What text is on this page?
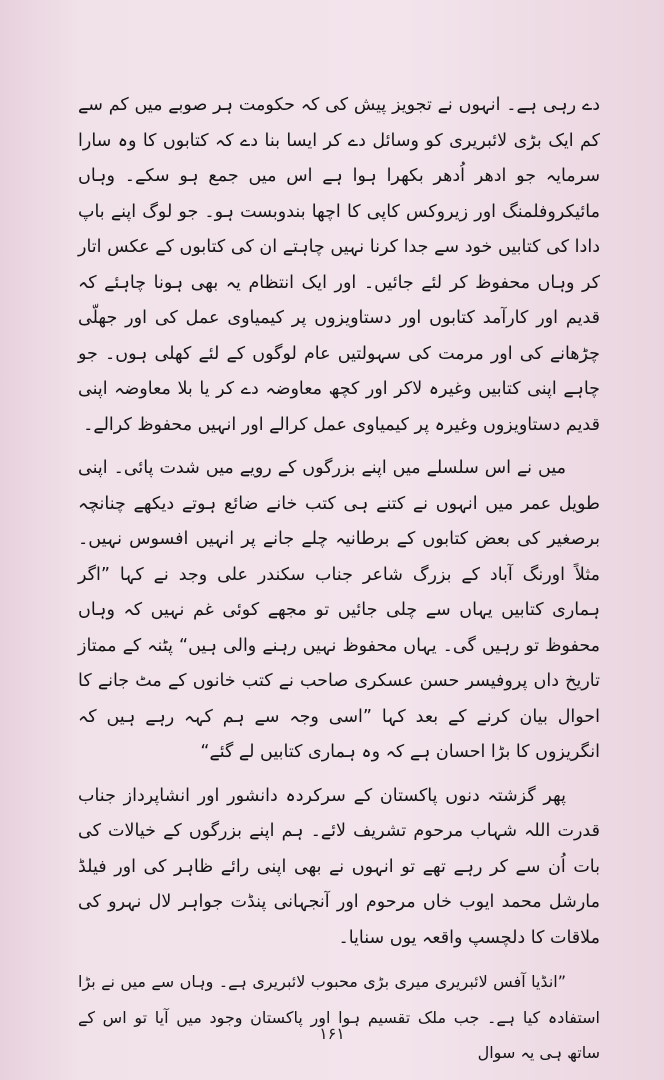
دے رہی ہے۔ انہوں نے تجویز پیش کی کہ حکومت ہر صوبے میں کم سے کم ایک بڑی لائبریری کو وسائل دے کر ایسا بنا دے کہ کتابوں کا وہ سارا سرمایہ جو ادھر اُدھر بکھرا ہوا ہے اس میں جمع ہو سکے۔ وہاں مائیکروفلمنگ اور زیروکس کاپی کا اچھا بندوبست ہو۔ جو لوگ اپنے باپ دادا کی کتابیں خود سے جدا کرنا نہیں چاہتے ان کی کتابوں کے عکس اتار کر وہاں محفوظ کر لئے جائیں۔ اور ایک انتظام یہ بھی ہونا چاہئے کہ قدیم اور کارآمد کتابوں اور دستاویزوں پر کیمیاوی عمل کی اور جھلّی چڑھانے کی اور مرمت کی سہولتیں عام لوگوں کے لئے کھلی ہوں۔ جو چاہے اپنی کتابیں وغیرہ لاکر اور کچھ معاوضہ دے کر یا بلا معاوضہ اپنی قدیم دستاویزوں وغیرہ پر کیمیاوی عمل کرالے اور انہیں محفوظ کرالے۔

میں نے اس سلسلے میں اپنے بزرگوں کے رویے میں شدت پائی۔ اپنی طویل عمر میں انہوں نے کتنے ہی کتب خانے ضائع ہوتے دیکھے چنانچہ برصغیر کی بعض کتابوں کے برطانیہ چلے جانے پر انہیں افسوس نہیں۔ مثلاً اورنگ آباد کے بزرگ شاعر جناب سکندر علی وجد نے کہا ”اگر ہماری کتابیں یہاں سے چلی جائیں تو مجھے کوئی غم نہیں کہ وہاں محفوظ تو رہیں گی۔ یہاں محفوظ نہیں رہنے والی ہیں“ پٹنہ کے ممتاز تاریخ داں پروفیسر حسن عسکری صاحب نے کتب خانوں کے مٹ جانے کا احوال بیان کرنے کے بعد کہا ”اسی وجہ سے ہم کہہ رہے ہیں کہ انگریزوں کا بڑا احسان ہے کہ وہ ہماری کتابیں لے گئے“

پھر گزشتہ دنوں پاکستان کے سرکردہ دانشور اور انشاپرداز جناب قدرت اللہ شہاب مرحوم تشریف لائے۔ ہم اپنے بزرگوں کے خیالات کی بات اُن سے کر رہے تھے تو انہوں نے بھی اپنی رائے ظاہر کی اور فیلڈ مارشل محمد ایوب خاں مرحوم اور آنجہانی پنڈت جواہر لال نہرو کی ملاقات کا دلچسپ واقعہ یوں سنایا۔

”انڈیا آفس لائبریری میری بڑی محبوب لائبریری ہے۔ وہاں سے میں نے بڑا استفادہ کیا ہے۔ جب ملک تقسیم ہوا اور پاکستان وجود میں آیا تو اس کے ساتھ ہی یہ سوال

۱۶۱
